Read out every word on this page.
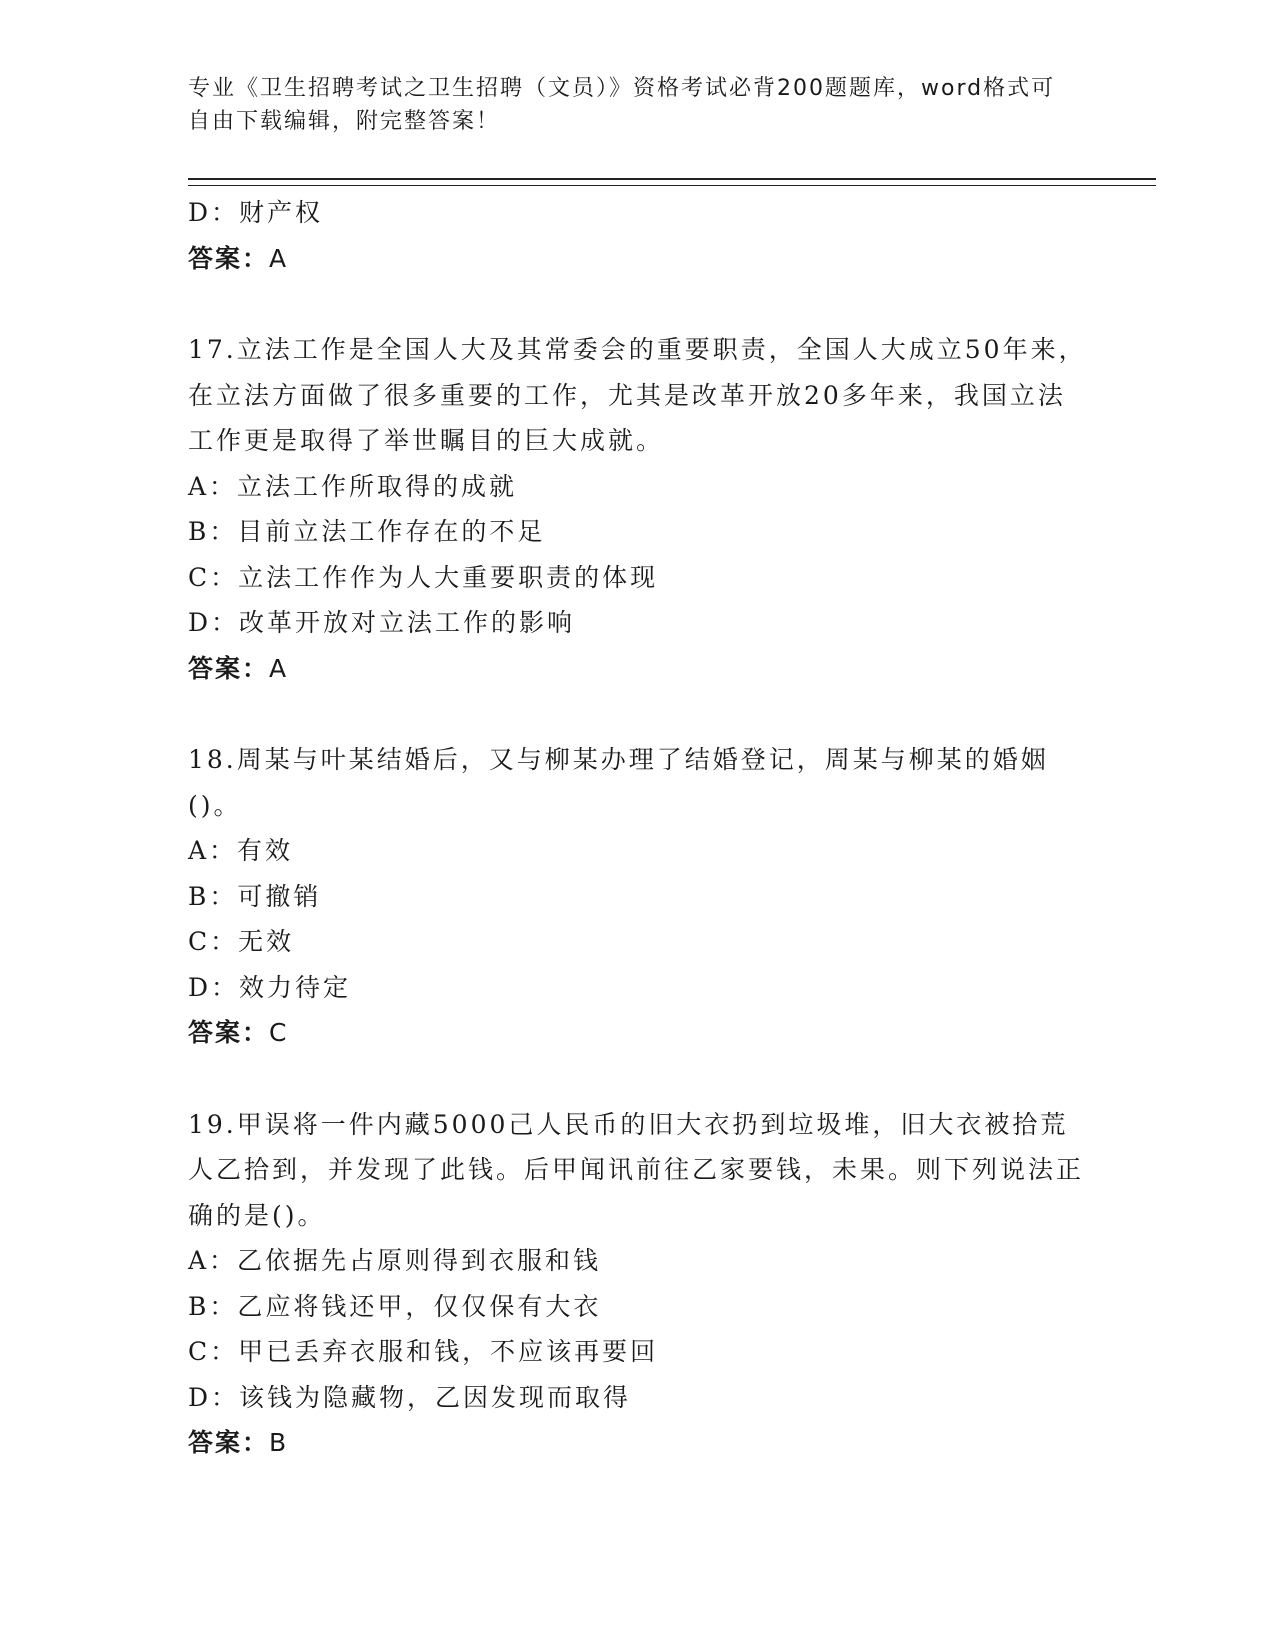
专业《卫生招聘考试之卫生招聘（文员）》资格考试必背200题题库，word格式可自由下载编辑，附完整答案！
D：财产权
答案：A
17.立法工作是全国人大及其常委会的重要职责，全国人大成立50年来，在立法方面做了很多重要的工作，尤其是改革开放20多年来，我国立法工作更是取得了举世瞩目的巨大成就。
A：立法工作所取得的成就
B：目前立法工作存在的不足
C：立法工作作为人大重要职责的体现
D：改革开放对立法工作的影响
答案：A
18.周某与叶某结婚后，又与柳某办理了结婚登记，周某与柳某的婚姻()。
A：有效
B：可撤销
C：无效
D：效力待定
答案：C
19.甲误将一件内藏5000己人民币的旧大衣扔到垃圾堆，旧大衣被拾荒人乙拾到，并发现了此钱。后甲闻讯前往乙家要钱，未果。则下列说法正确的是()。
A：乙依据先占原则得到衣服和钱
B：乙应将钱还甲，仅仅保有大衣
C：甲已丢弃衣服和钱，不应该再要回
D：该钱为隐藏物，乙因发现而取得
答案：B
